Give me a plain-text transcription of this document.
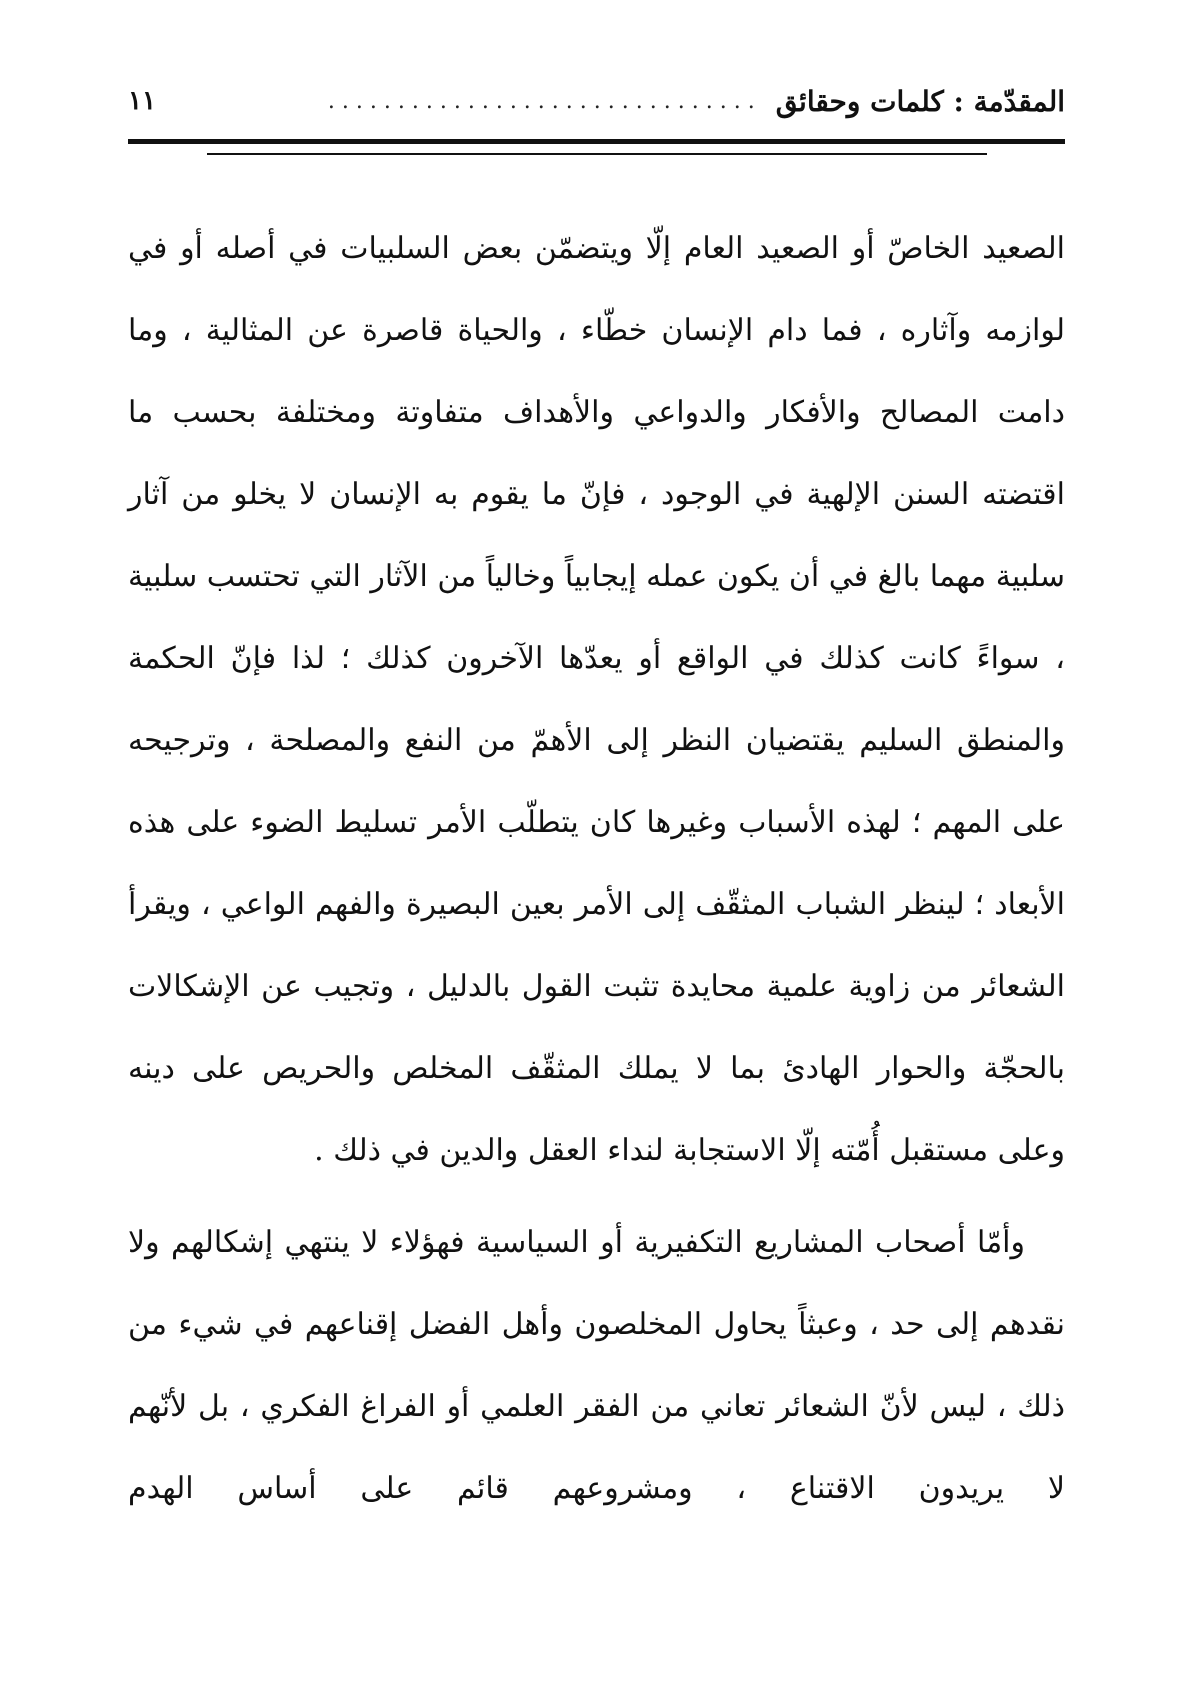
المقدّمة : كلمات وحقائق
...............................
١١

الصعيد الخاصّ أو الصعيد العام إلّا ويتضمّن بعض السلبيات في أصله أو في لوازمه وآثاره ، فما دام الإنسان خطّاء ، والحياة قاصرة عن المثالية ، وما دامت المصالح والأفكار والدواعي والأهداف متفاوتة ومختلفة بحسب ما اقتضته السنن الإلهية في الوجود ، فإنّ ما يقوم به الإنسان لا يخلو من آثار سلبية مهما بالغ في أن يكون عمله إيجابياً وخالياً من الآثار التي تحتسب سلبية ، سواءً كانت كذلك في الواقع أو يعدّها الآخرون كذلك ؛ لذا فإنّ الحكمة والمنطق السليم يقتضيان النظر إلى الأهمّ من النفع والمصلحة ، وترجيحه على المهم ؛ لهذه الأسباب وغيرها كان يتطلّب الأمر تسليط الضوء على هذه الأبعاد ؛ لينظر الشباب المثقّف إلى الأمر بعين البصيرة والفهم الواعي ، ويقرأ الشعائر من زاوية علمية محايدة تثبت القول بالدليل ، وتجيب عن الإشكالات بالحجّة والحوار الهادئ بما لا يملك المثقّف المخلص والحريص على دينه وعلى مستقبل أُمّته إلّا الاستجابة لنداء العقل والدين في ذلك .

وأمّا أصحاب المشاريع التكفيرية أو السياسية فهؤلاء لا ينتهي إشكالهم ولا نقدهم إلى حد ، وعبثاً يحاول المخلصون وأهل الفضل إقناعهم في شيء من ذلك ، ليس لأنّ الشعائر تعاني من الفقر العلمي أو الفراغ الفكري ، بل لأنّهم لا يريدون الاقتناع ، ومشروعهم قائم على أساس الهدم
